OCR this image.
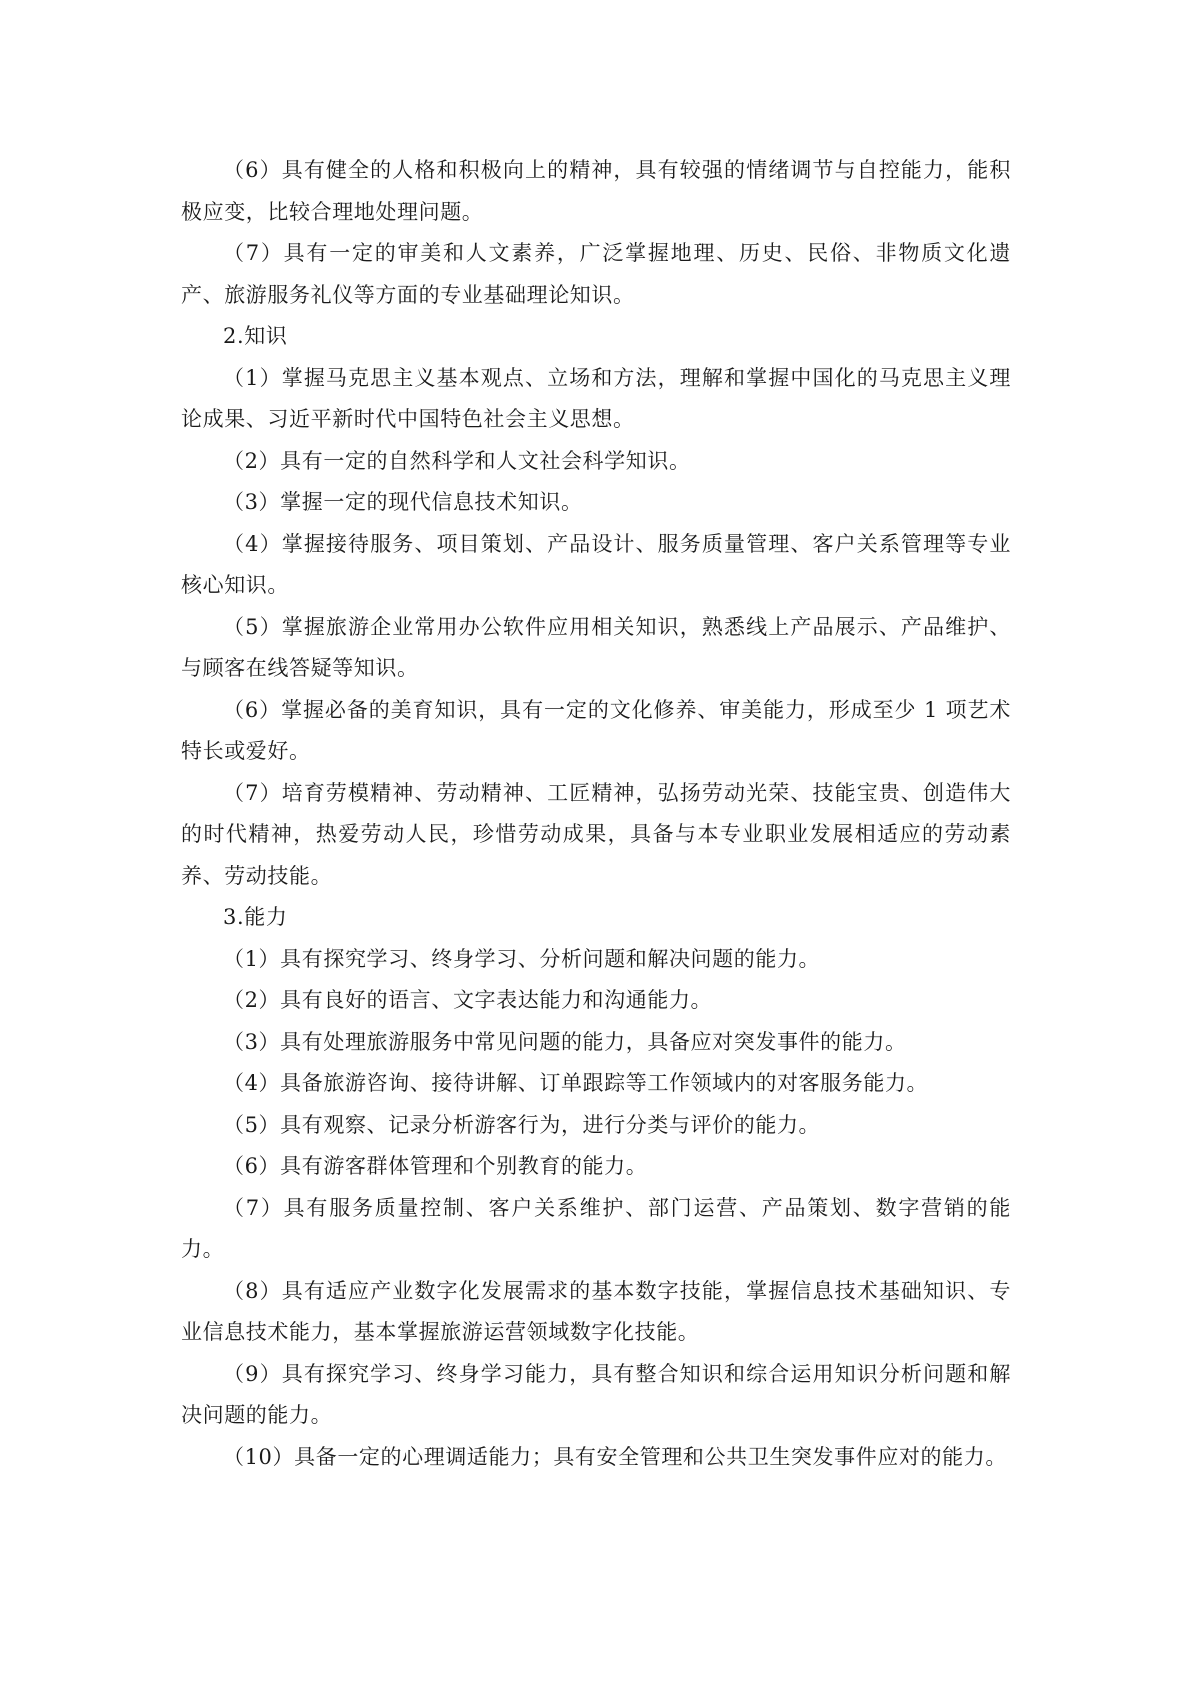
（6）具有健全的人格和积极向上的精神，具有较强的情绪调节与自控能力，能积极应变，比较合理地处理问题。

（7）具有一定的审美和人文素养，广泛掌握地理、历史、民俗、非物质文化遗产、旅游服务礼仪等方面的专业基础理论知识。

2.知识

（1）掌握马克思主义基本观点、立场和方法，理解和掌握中国化的马克思主义理论成果、习近平新时代中国特色社会主义思想。

（2）具有一定的自然科学和人文社会科学知识。

（3）掌握一定的现代信息技术知识。

（4）掌握接待服务、项目策划、产品设计、服务质量管理、客户关系管理等专业核心知识。

（5）掌握旅游企业常用办公软件应用相关知识，熟悉线上产品展示、产品维护、与顾客在线答疑等知识。

（6）掌握必备的美育知识，具有一定的文化修养、审美能力，形成至少 1 项艺术特长或爱好。

（7）培育劳模精神、劳动精神、工匠精神，弘扬劳动光荣、技能宝贵、创造伟大的时代精神，热爱劳动人民，珍惜劳动成果，具备与本专业职业发展相适应的劳动素养、劳动技能。

3.能力

（1）具有探究学习、终身学习、分析问题和解决问题的能力。

（2）具有良好的语言、文字表达能力和沟通能力。

（3）具有处理旅游服务中常见问题的能力，具备应对突发事件的能力。

（4）具备旅游咨询、接待讲解、订单跟踪等工作领域内的对客服务能力。

（5）具有观察、记录分析游客行为，进行分类与评价的能力。

（6）具有游客群体管理和个别教育的能力。

（7）具有服务质量控制、客户关系维护、部门运营、产品策划、数字营销的能力。

（8）具有适应产业数字化发展需求的基本数字技能，掌握信息技术基础知识、专业信息技术能力，基本掌握旅游运营领域数字化技能。

（9）具有探究学习、终身学习能力，具有整合知识和综合运用知识分析问题和解决问题的能力。

（10）具备一定的心理调适能力；具有安全管理和公共卫生突发事件应对的能力。
